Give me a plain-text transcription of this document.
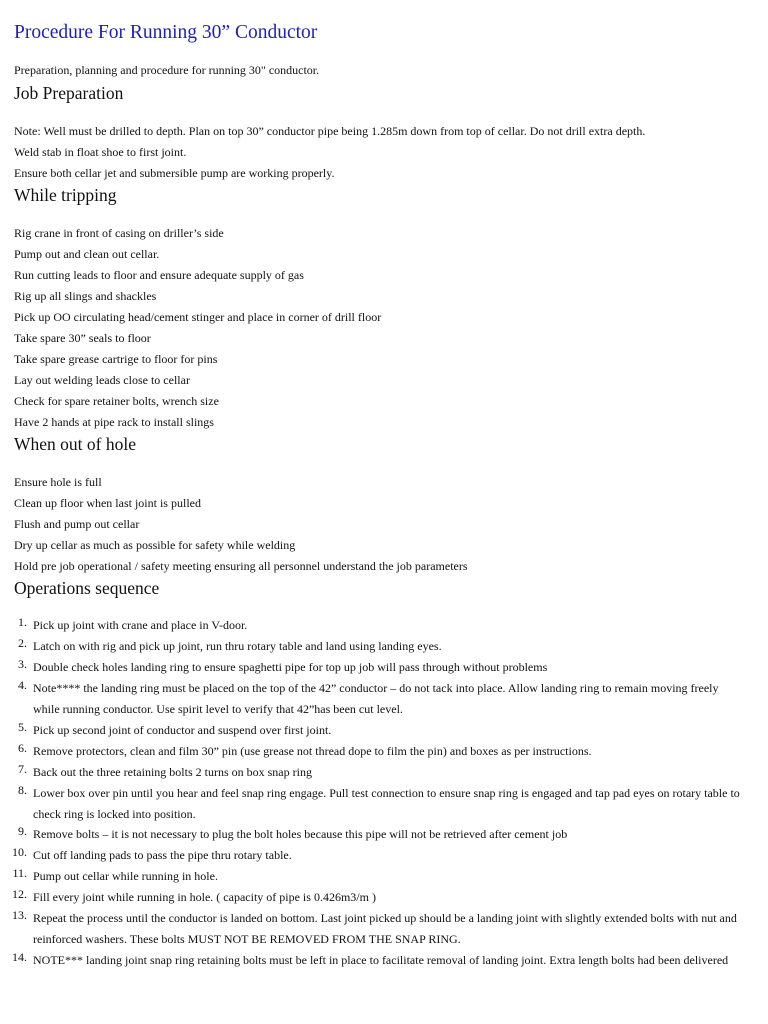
Procedure For Running 30” Conductor
Preparation, planning and procedure for running 30" conductor.
Job Preparation
Note: Well must be drilled to depth. Plan on top 30” conductor pipe being 1.285m down from top of cellar. Do not drill extra depth.
Weld stab in float shoe to first joint.
Ensure both cellar jet and submersible pump are working properly.
While tripping
Rig crane in front of casing on driller’s side
Pump out and clean out cellar.
Run cutting leads to floor and ensure adequate supply of gas
Rig up all slings and shackles
Pick up OO circulating head/cement stinger and place in corner of drill floor
Take spare 30” seals to floor
Take spare grease cartrige to floor for pins
Lay out welding leads close to cellar
Check for spare retainer bolts, wrench size
Have 2 hands at pipe rack to install slings
When out of hole
Ensure hole is full
Clean up floor when last joint is pulled
Flush and pump out cellar
Dry up cellar as much as possible for safety while welding
Hold pre job operational / safety meeting ensuring all personnel understand the job parameters
Operations sequence
1. Pick up joint with crane and place in V-door.
2. Latch on with rig and pick up joint, run thru rotary table and land using landing eyes.
3. Double check holes landing ring to ensure spaghetti pipe for top up job will pass through without problems
4. Note**** the landing ring must be placed on the top of the 42” conductor – do not tack into place. Allow landing ring to remain moving freely while running conductor. Use spirit level to verify that 42”has been cut level.
5. Pick up second joint of conductor and suspend over first joint.
6. Remove protectors, clean and film 30” pin (use grease not thread dope to film the pin) and boxes as per instructions.
7. Back out the three retaining bolts 2 turns on box snap ring
8. Lower box over pin until you hear and feel snap ring engage. Pull test connection to ensure snap ring is engaged and tap pad eyes on rotary table to check ring is locked into position.
9. Remove bolts – it is not necessary to plug the bolt holes because this pipe will not be retrieved after cement job
10. Cut off landing pads to pass the pipe thru rotary table.
11. Pump out cellar while running in hole.
12. Fill every joint while running in hole. ( capacity of pipe is 0.426m3/m )
13. Repeat the process until the conductor is landed on bottom. Last joint picked up should be a landing joint with slightly extended bolts with nut and reinforced washers. These bolts MUST NOT BE REMOVED FROM THE SNAP RING.
14. NOTE*** landing joint snap ring retaining bolts must be left in place to facilitate removal of landing joint. Extra length bolts had been delivered
